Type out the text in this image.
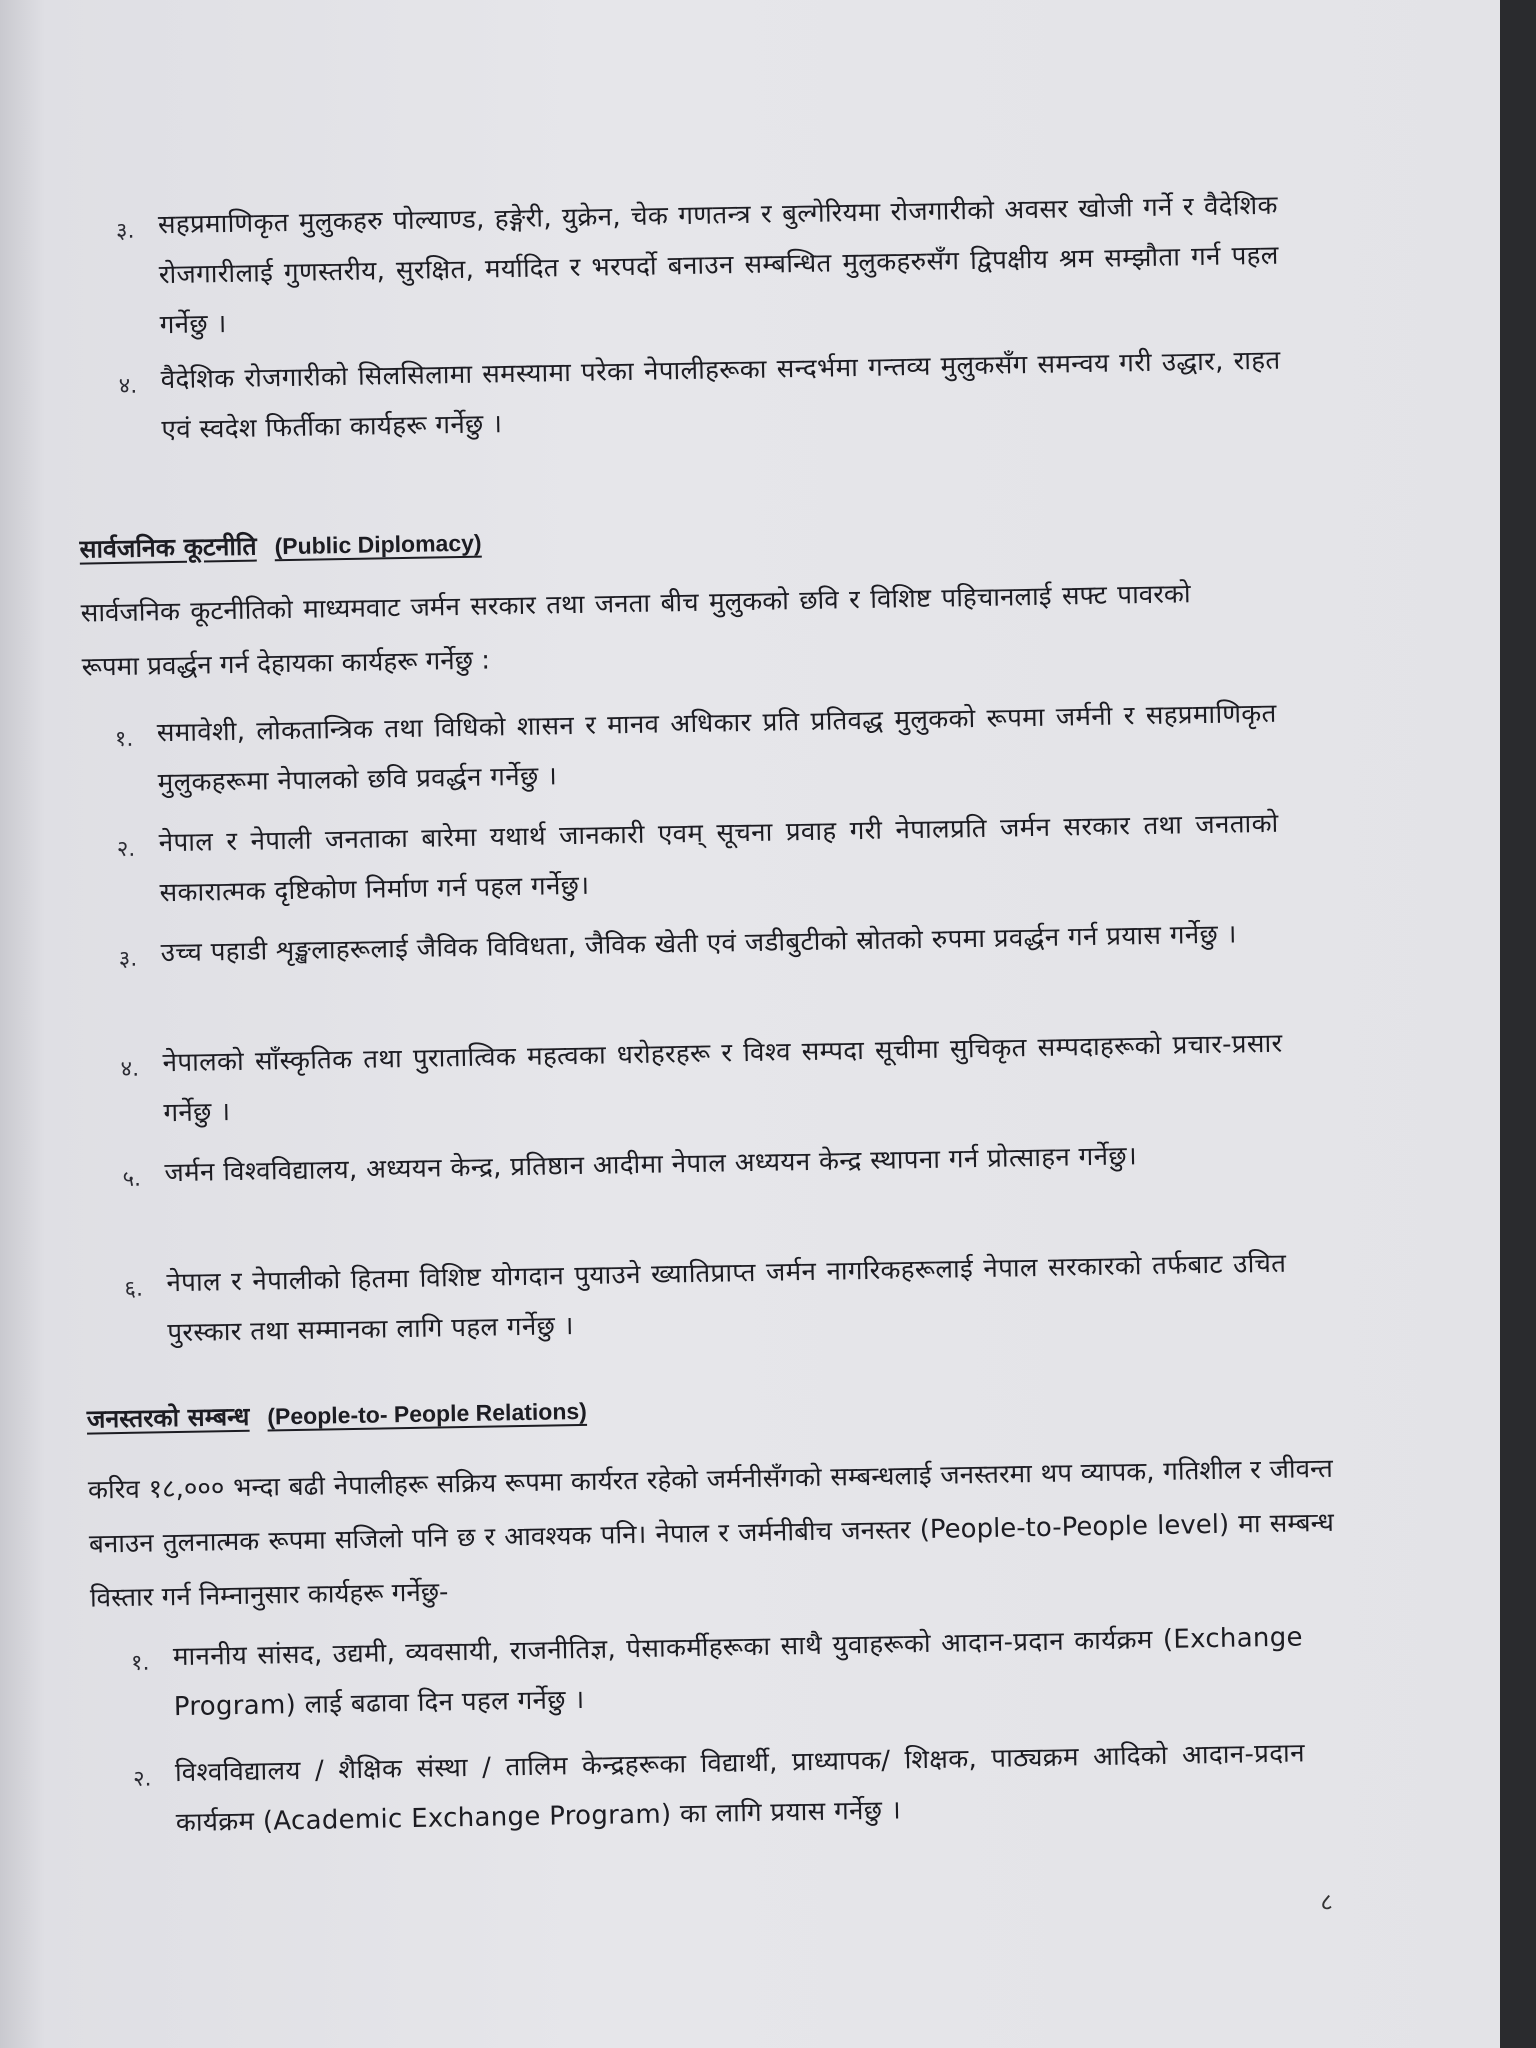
३. सहप्रमाणिकृत मुलुकहरु पोल्याण्ड, हङ्गेरी, युक्रेन, चेक गणतन्त्र र बुल्गेरियमा रोजगारीको अवसर खोजी गर्ने र वैदेशिक रोजगारीलाई गुणस्तरीय, सुरक्षित, मर्यादित र भरपर्दो बनाउन सम्बन्धित मुलुकहरुसँग द्विपक्षीय श्रम सम्झौता गर्न पहल गर्नेछु ।
४. वैदेशिक रोजगारीको सिलसिलामा समस्यामा परेका नेपालीहरूका सन्दर्भमा गन्तव्य मुलुकसँग समन्वय गरी उद्धार, राहत एवं स्वदेश फिर्तीका कार्यहरू गर्नेछु ।
सार्वजनिक कूटनीति (Public Diplomacy)
सार्वजनिक कूटनीतिको माध्यमवाट जर्मन सरकार तथा जनता बीच मुलुकको छवि र विशिष्ट पहिचानलाई सफ्ट पावरको रूपमा प्रवर्द्धन गर्न देहायका कार्यहरू गर्नेछु :
१. समावेशी, लोकतान्त्रिक तथा विधिको शासन र मानव अधिकार प्रति प्रतिवद्ध मुलुकको रूपमा जर्मनी र सहप्रमाणिकृत मुलुकहरूमा नेपालको छवि प्रवर्द्धन गर्नेछु ।
२. नेपाल र नेपाली जनताका बारेमा यथार्थ जानकारी एवम् सूचना प्रवाह गरी नेपालप्रति जर्मन सरकार तथा जनताको सकारात्मक दृष्टिकोण निर्माण गर्न पहल गर्नेछु।
३. उच्च पहाडी शृङ्खलाहरूलाई जैविक विविधता, जैविक खेती एवं जडीबुटीको स्रोतको रुपमा प्रवर्द्धन गर्न प्रयास गर्नेछु ।
४. नेपालको साँस्कृतिक तथा पुरातात्विक महत्वका धरोहरहरू र विश्व सम्पदा सूचीमा सुचिकृत सम्पदाहरूको प्रचार-प्रसार गर्नेछु ।
५. जर्मन विश्वविद्यालय, अध्ययन केन्द्र, प्रतिष्ठान आदीमा नेपाल अध्ययन केन्द्र स्थापना गर्न प्रोत्साहन गर्नेछु।
६. नेपाल र नेपालीको हितमा विशिष्ट योगदान पुयाउने ख्यातिप्राप्त जर्मन नागरिकहरूलाई नेपाल सरकारको तर्फबाट उचित पुरस्कार तथा सम्मानका लागि पहल गर्नेछु ।
जनस्तरको सम्बन्ध (People-to- People Relations)
करिव १८,००० भन्दा बढी नेपालीहरू सक्रिय रूपमा कार्यरत रहेको जर्मनीसँगको सम्बन्धलाई जनस्तरमा थप व्यापक, गतिशील र जीवन्त बनाउन तुलनात्मक रूपमा सजिलो पनि छ र आवश्यक पनि। नेपाल र जर्मनीबीच जनस्तर (People-to-People level) मा सम्बन्ध विस्तार गर्न निम्नानुसार कार्यहरू गर्नेछु-
१. माननीय सांसद, उद्यमी, व्यवसायी, राजनीतिज्ञ, पेसाकर्मीहरूका साथै युवाहरूको आदान-प्रदान कार्यक्रम (Exchange Program) लाई बढावा दिन पहल गर्नेछु ।
२. विश्वविद्यालय / शैक्षिक संस्था / तालिम केन्द्रहरूका विद्यार्थी, प्राध्यापक/ शिक्षक, पाठ्यक्रम आदिको आदान-प्रदान कार्यक्रम (Academic Exchange Program) का लागि प्रयास गर्नेछु ।
८
